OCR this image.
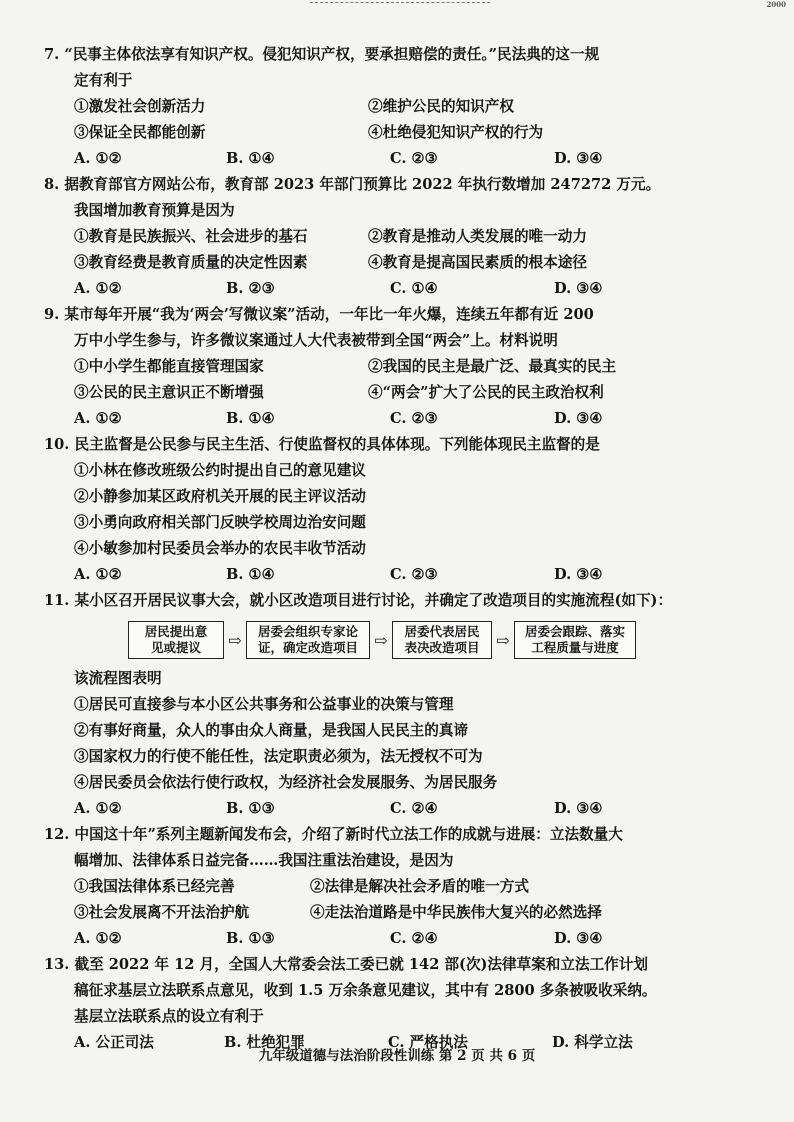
2000

7. “民事主体依法享有知识产权。侵犯知识产权，要承担赔偿的责任。”民法典的这一规

定有利于

①激发社会创新活力	②维护公民的知识产权
③保证全民都能创新	④杜绝侵犯知识产权的行为
A. ①②	B. ①④	C. ②③	D. ③④

8. 据教育部官方网站公布，教育部 2023 年部门预算比 2022 年执行数增加 247272 万元。

我国增加教育预算是因为

①教育是民族振兴、社会进步的基石	②教育是推动人类发展的唯一动力
③教育经费是教育质量的决定性因素	④教育是提高国民素质的根本途径
A. ①②	B. ②③	C. ①④	D. ③④

9. 某市每年开展“我为‘两会’写微议案”活动，一年比一年火爆，连续五年都有近 200

万中小学生参与，许多微议案通过人大代表被带到全国“两会”上。材料说明

①中小学生都能直接管理国家	②我国的民主是最广泛、最真实的民主
③公民的民主意识正不断增强	④“两会”扩大了公民的民主政治权利
A. ①②	B. ①④	C. ②③	D. ③④

10. 民主监督是公民参与民主生活、行使监督权的具体体现。下列能体现民主监督的是

①小林在修改班级公约时提出自己的意见建议
②小静参加某区政府机关开展的民主评议活动
③小勇向政府相关部门反映学校周边治安问题
④小敏参加村民委员会举办的农民丰收节活动
A. ①②	B. ①④	C. ②③	D. ③④

11. 某小区召开居民议事大会，就小区改造项目进行讨论，并确定了改造项目的实施流程(如下)：

居民提出意
见或提议	⇨	居委会组织专家论
证，确定改造项目 ⇨	居委代表居民
表决改造项目 ⇨	居委会跟踪、落实
工程质量与进度

该流程图表明

①居民可直接参与本小区公共事务和公益事业的决策与管理
②有事好商量，众人的事由众人商量，是我国人民民主的真谛
③国家权力的行使不能任性，法定职责必须为，法无授权不可为
④居民委员会依法行使行政权，为经济社会发展服务、为居民服务
A. ①②	B. ①③	C. ②④	D. ③④

12. 中国这十年”系列主题新闻发布会，介绍了新时代立法工作的成就与进展：立法数量大

幅增加、法律体系日益完备……我国注重法治建设，是因为

①我国法律体系已经完善	②法律是解决社会矛盾的唯一方式
③社会发展离不开法治护航	④走法治道路是中华民族伟大复兴的必然选择
A. ①②	B. ①③	C. ②④	D. ③④

13. 截至 2022 年 12 月，全国人大常委会法工委已就 142 部(次)法律草案和立法工作计划

稿征求基层立法联系点意见，收到 1.5 万余条意见建议，其中有 2800 多条被吸收采纳。

基层立法联系点的设立有利于

A. 公正司法	B. 杜绝犯罪	C. 严格执法	D. 科学立法
九年级道德与法治阶段性训练 第 2 页 共 6 页
